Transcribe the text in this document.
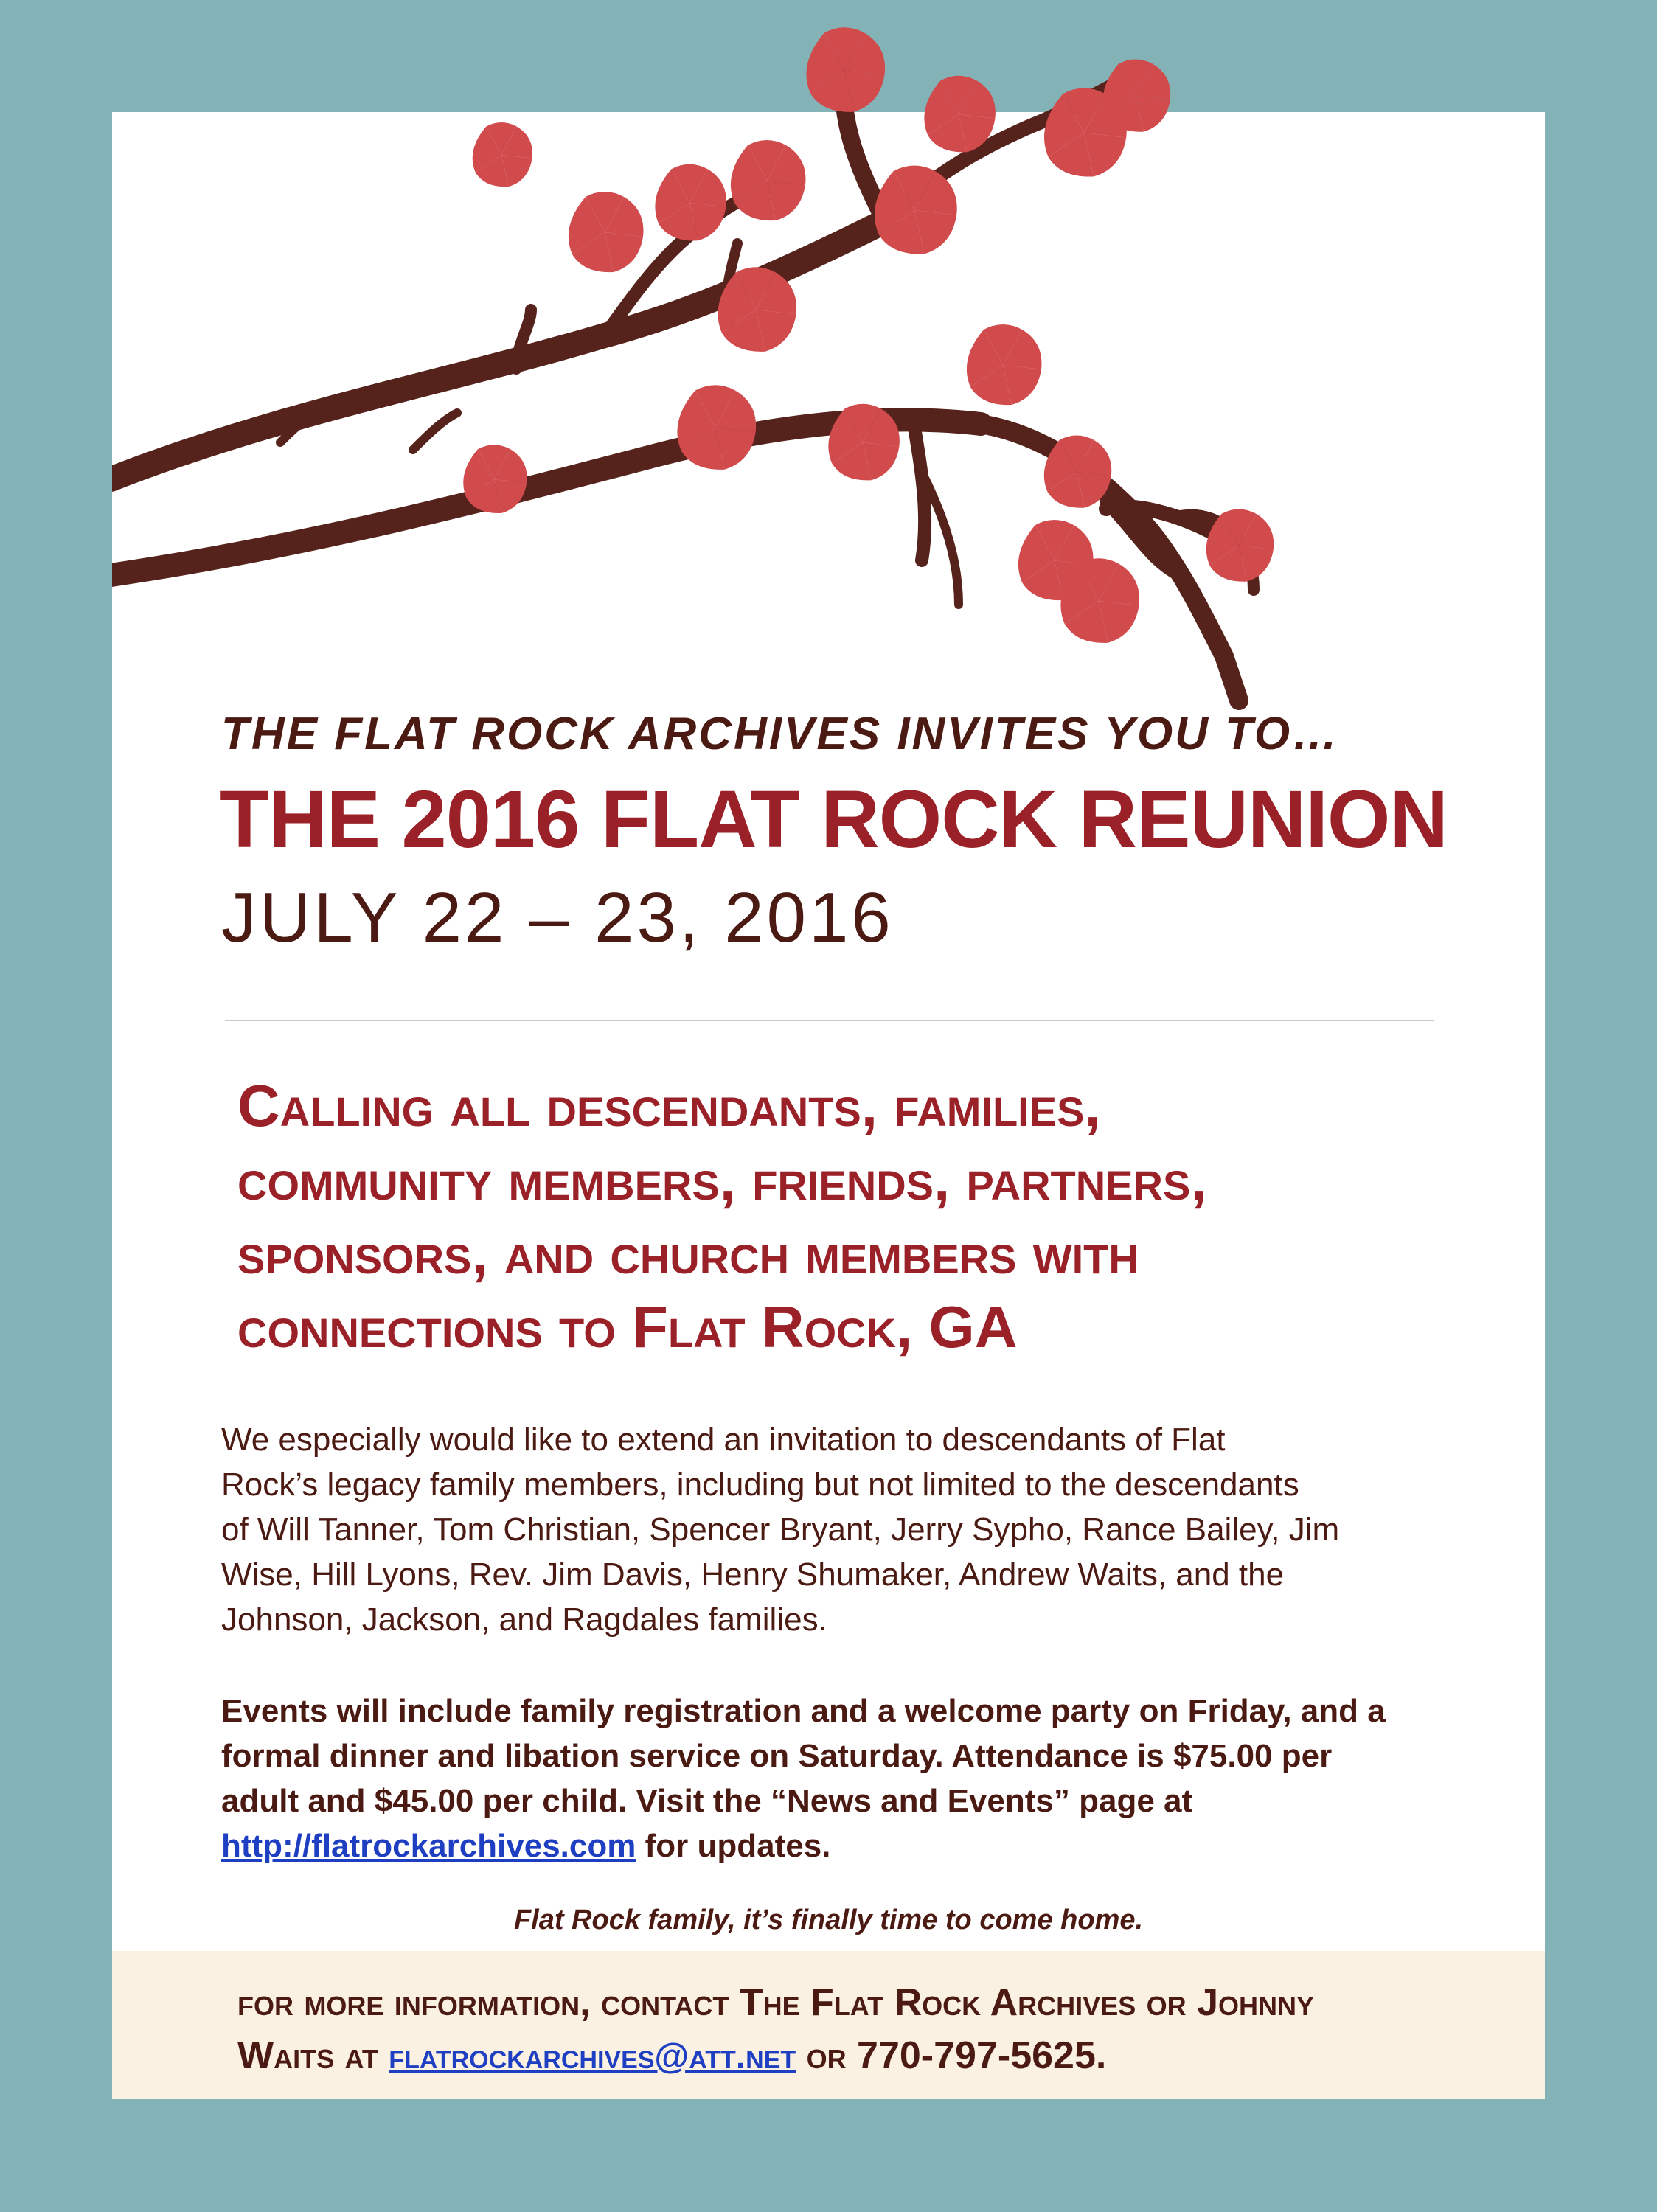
THE FLAT ROCK ARCHIVES INVITES YOU TO…
THE 2016 FLAT ROCK REUNION
JULY 22 – 23, 2016
Calling all descendants, families,
community members, friends, partners,
sponsors, and church members with
connections to Flat Rock, GA
We especially would like to extend an invitation to descendants of Flat
Rock’s legacy family members, including but not limited to the descendants
of Will Tanner, Tom Christian, Spencer Bryant, Jerry Sypho, Rance Bailey, Jim
Wise, Hill Lyons, Rev. Jim Davis, Henry Shumaker, Andrew Waits, and the
Johnson, Jackson, and Ragdales families.
Events will include family registration and a welcome party on Friday, and a
formal dinner and libation service on Saturday. Attendance is $75.00 per
adult and $45.00 per child. Visit the “News and Events” page at
http://flatrockarchives.com for updates.
Flat Rock family, it’s finally time to come home.
for more information, contact The Flat Rock Archives or Johnny
Waits at flatrockarchives@att.net or 770-797-5625.
